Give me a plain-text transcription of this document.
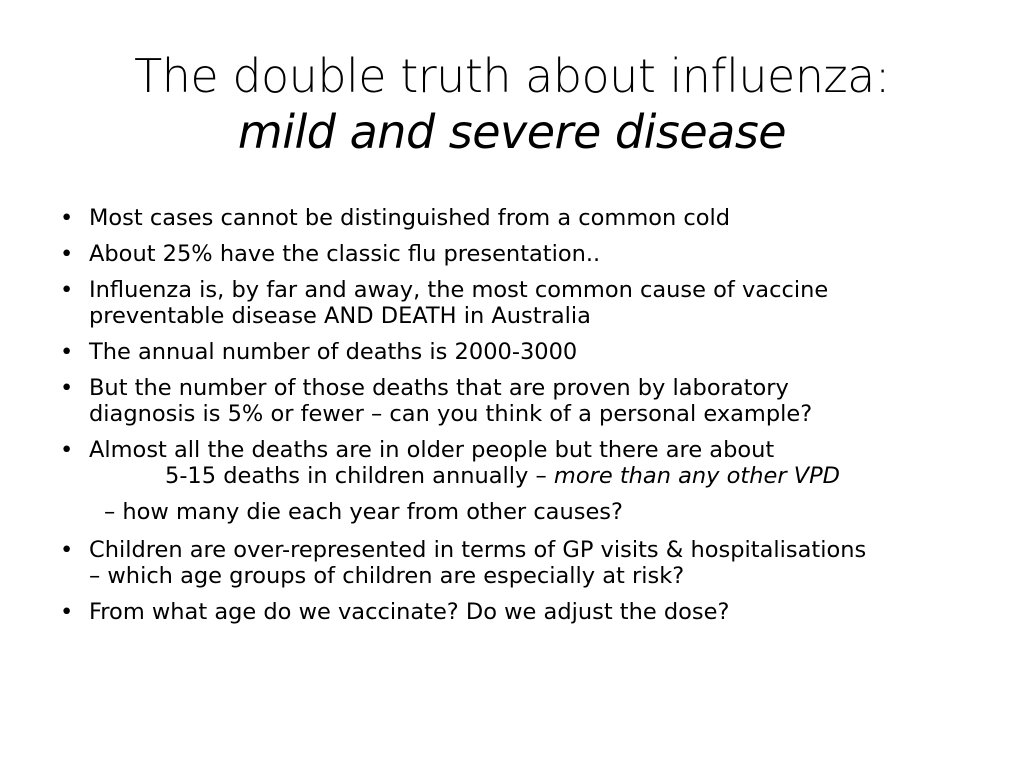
The double truth about influenza:
mild and severe disease
• Most cases cannot be distinguished from a common cold
• About 25% have the classic flu presentation..
• Influenza is, by far and away, the most common cause of vaccine
preventable disease AND DEATH in Australia
• The annual number of deaths is 2000-3000
• But the number of those deaths that are proven by laboratory
diagnosis is 5% or fewer – can you think of a personal example?
• Almost all the deaths are in older people but there are about
5-15 deaths in children annually – more than any other VPD
– how many die each year from other causes?
• Children are over-represented in terms of GP visits & hospitalisations
– which age groups of children are especially at risk?
• From what age do we vaccinate? Do we adjust the dose?
